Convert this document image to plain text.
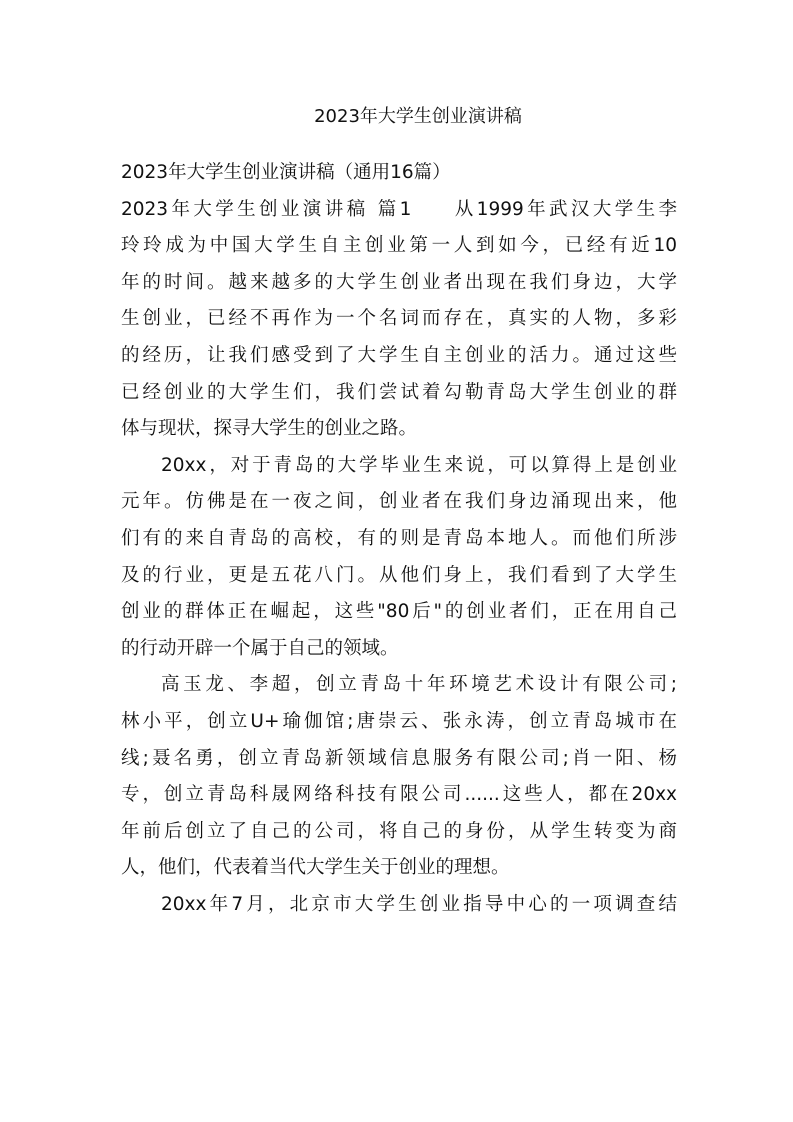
2023年大学生创业演讲稿
2023年大学生创业演讲稿（通用16篇）
2023年大学生创业演讲稿 篇1 从1999年武汉大学生李
玲玲成为中国大学生自主创业第一人到如今，已经有近10
年的时间。越来越多的大学生创业者出现在我们身边，大学
生创业，已经不再作为一个名词而存在，真实的人物，多彩
的经历，让我们感受到了大学生自主创业的活力。通过这些
已经创业的大学生们，我们尝试着勾勒青岛大学生创业的群
体与现状，探寻大学生的创业之路。
20xx，对于青岛的大学毕业生来说，可以算得上是创业
元年。仿佛是在一夜之间，创业者在我们身边涌现出来，他
们有的来自青岛的高校，有的则是青岛本地人。而他们所涉
及的行业，更是五花八门。从他们身上，我们看到了大学生
创业的群体正在崛起，这些"80后"的创业者们，正在用自己
的行动开辟一个属于自己的领域。
高玉龙、李超，创立青岛十年环境艺术设计有限公司;
林小平，创立U+瑜伽馆;唐崇云、张永涛，创立青岛城市在
线;聂名勇，创立青岛新领域信息服务有限公司;肖一阳、杨
专，创立青岛科晟网络科技有限公司......这些人，都在20xx
年前后创立了自己的公司，将自己的身份，从学生转变为商
人，他们，代表着当代大学生关于创业的理想。
20xx年7月，北京市大学生创业指导中心的一项调查结
